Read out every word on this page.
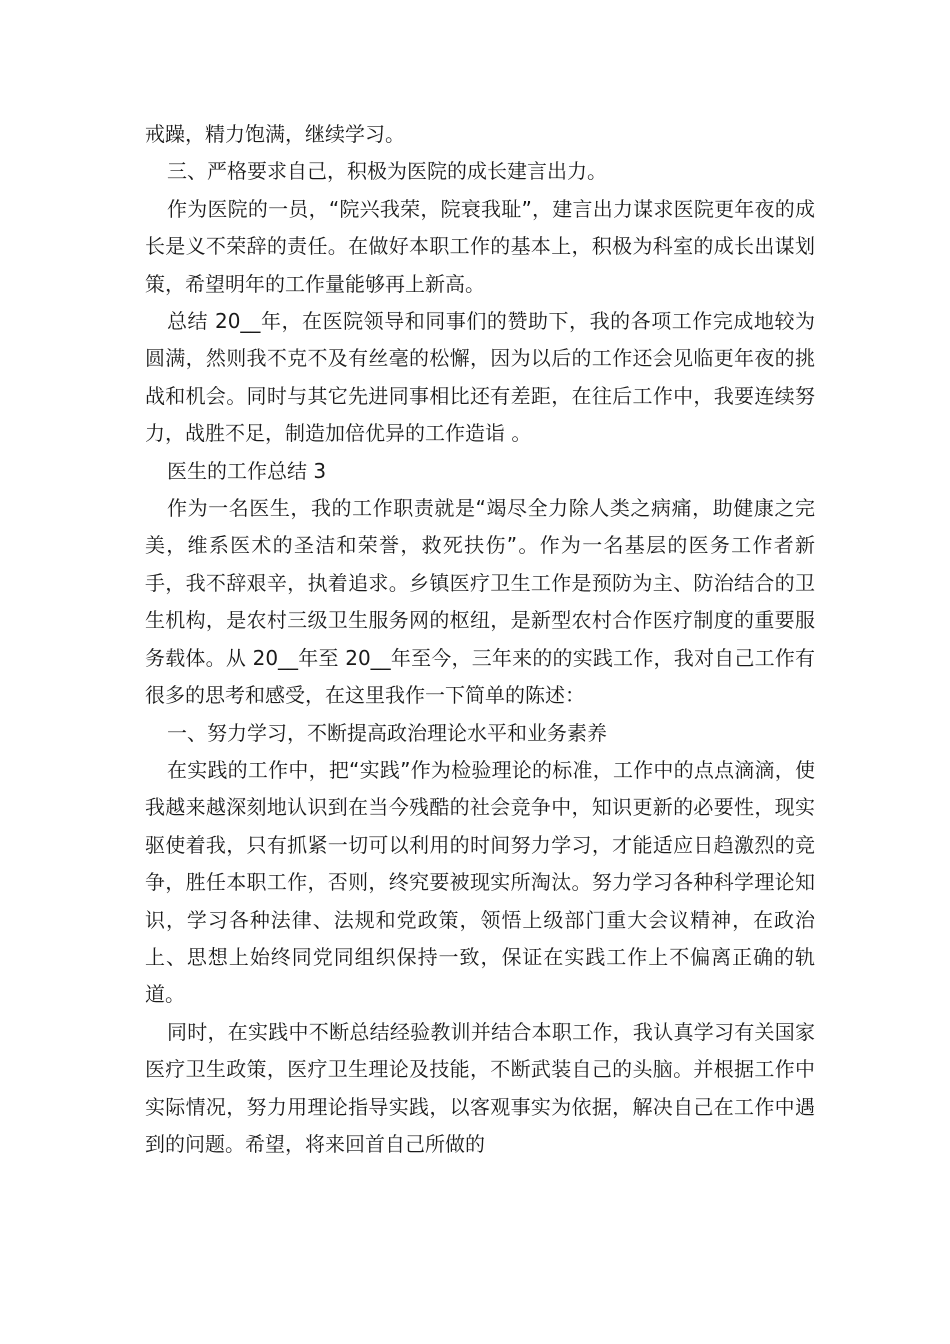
戒躁，精力饱满，继续学习。

三、严格要求自己，积极为医院的成长建言出力。

作为医院的一员，“院兴我荣，院衰我耻”，建言出力谋求医院更年夜的成长是义不荣辞的责任。在做好本职工作的基本上，积极为科室的成长出谋划策，希望明年的工作量能够再上新高。

总结 20__年，在医院领导和同事们的赞助下，我的各项工作完成地较为圆满，然则我不克不及有丝毫的松懈，因为以后的工作还会见临更年夜的挑战和机会。同时与其它先进同事相比还有差距，在往后工作中，我要连续努力，战胜不足，制造加倍优异的工作造诣 。

医生的工作总结 3

作为一名医生，我的工作职责就是“竭尽全力除人类之病痛，助健康之完美，维系医术的圣洁和荣誉，救死扶伤”。作为一名基层的医务工作者新手，我不辞艰辛，执着追求。乡镇医疗卫生工作是预防为主、防治结合的卫生机构，是农村三级卫生服务网的枢纽，是新型农村合作医疗制度的重要服务载体。从 20__年至 20__年至今，三年来的的实践工作，我对自己工作有很多的思考和感受，在这里我作一下简单的陈述：

一、努力学习，不断提高政治理论水平和业务素养

在实践的工作中，把“实践”作为检验理论的标准，工作中的点点滴滴，使我越来越深刻地认识到在当今残酷的社会竞争中，知识更新的必要性，现实驱使着我，只有抓紧一切可以利用的时间努力学习，才能适应日趋激烈的竞争，胜任本职工作，否则，终究要被现实所淘汰。努力学习各种科学理论知识，学习各种法律、法规和党政策，领悟上级部门重大会议精神，在政治上、思想上始终同党同组织保持一致，保证在实践工作上不偏离正确的轨道。

同时，在实践中不断总结经验教训并结合本职工作，我认真学习有关国家医疗卫生政策，医疗卫生理论及技能，不断武装自己的头脑。并根据工作中实际情况，努力用理论指导实践，以客观事实为依据，解决自己在工作中遇到的问题。希望，将来回首自己所做的
